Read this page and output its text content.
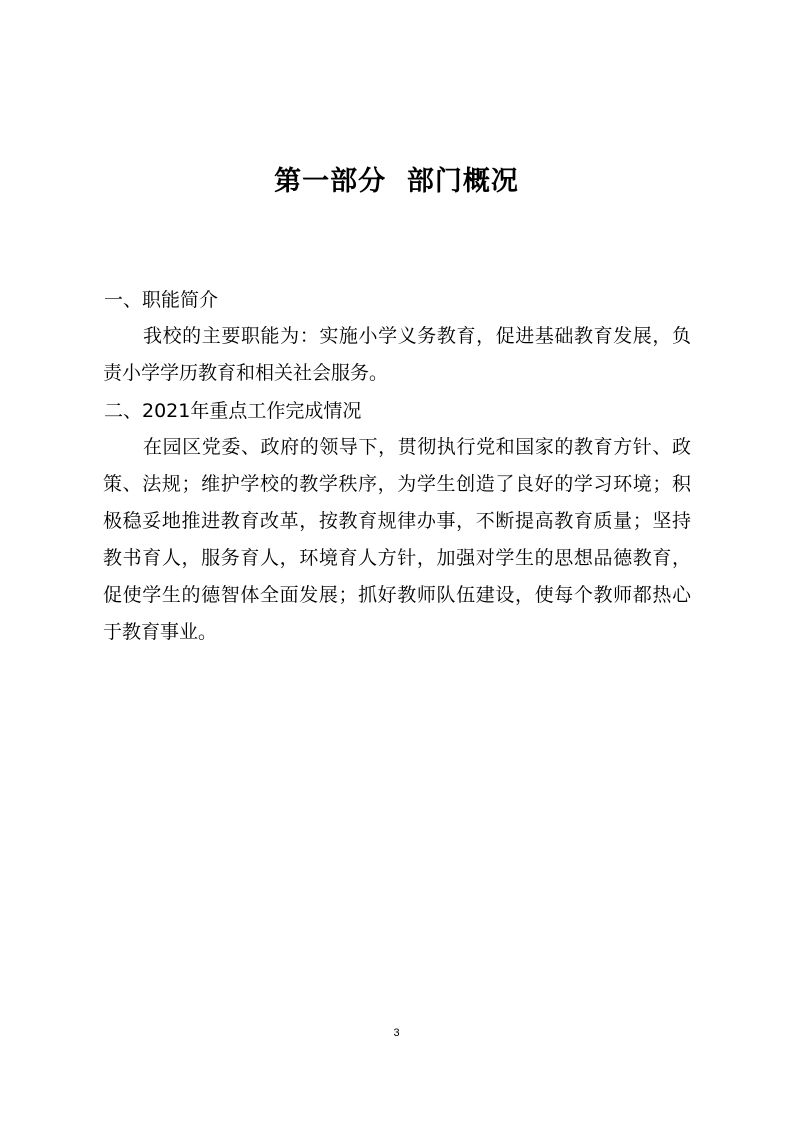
第一部分  部门概况
一、职能简介
我校的主要职能为：实施小学义务教育，促进基础教育发展，负责小学学历教育和相关社会服务。
二、2021年重点工作完成情况
在园区党委、政府的领导下，贯彻执行党和国家的教育方针、政策、法规；维护学校的教学秩序，为学生创造了良好的学习环境；积极稳妥地推进教育改革，按教育规律办事，不断提高教育质量；坚持教书育人，服务育人，环境育人方针，加强对学生的思想品德教育，促使学生的德智体全面发展；抓好教师队伍建设，使每个教师都热心于教育事业。
3
